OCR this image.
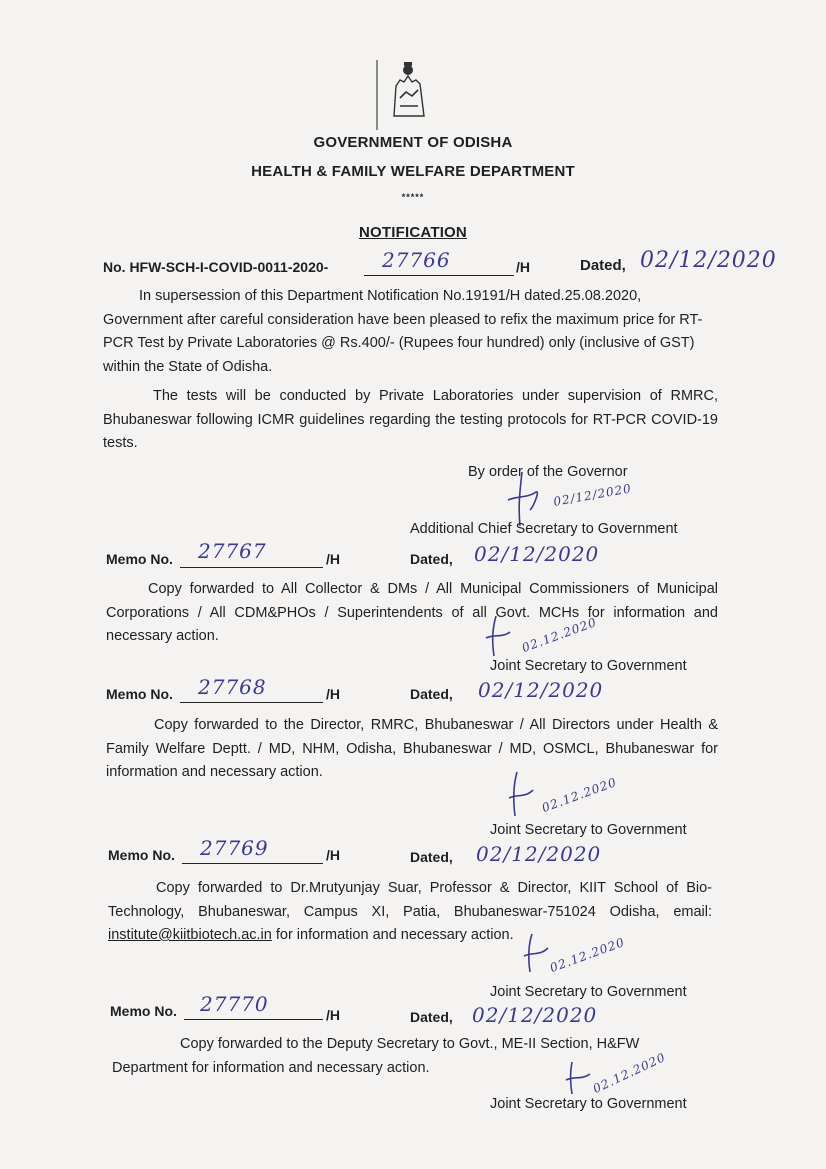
GOVERNMENT OF ODISHA
HEALTH & FAMILY WELFARE DEPARTMENT
*****
NOTIFICATION
No. HFW-SCH-I-COVID-0011-2020-	27766	/H	Dated, 02/12/2020
In supersession of this Department Notification No.19191/H dated.25.08.2020, Government after careful consideration have been pleased to refix the maximum price for RT-PCR Test by Private Laboratories @ Rs.400/- (Rupees four hundred) only (inclusive of GST) within the State of Odisha.
The tests will be conducted by Private Laboratories under supervision of RMRC, Bhubaneswar following ICMR guidelines regarding the testing protocols for RT-PCR COVID-19 tests.
By order of the Governor
02/12/2020
Additional Chief Secretary to Government
Memo No. 27767	/H	Dated, 02/12/2020
Copy forwarded to All Collector & DMs / All Municipal Commissioners of Municipal Corporations / All CDM&PHOs / Superintendents of all Govt. MCHs for information and necessary action.	02.12.2020
Joint Secretary to Government
Memo No. 27768	/H	Dated, 02/12/2020
Copy forwarded to the Director, RMRC, Bhubaneswar / All Directors under Health & Family Welfare Deptt. / MD, NHM, Odisha, Bhubaneswar / MD, OSMCL, Bhubaneswar for information and necessary action.
02.12.2020
Joint Secretary to Government
Memo No. 27769	/H	Dated, 02/12/2020
Copy forwarded to Dr.Mrutyunjay Suar, Professor & Director, KIIT School of Bio-Technology, Bhubaneswar, Campus XI, Patia, Bhubaneswar-751024 Odisha, email: institute@kiitbiotech.ac.in for information and necessary action.	02.12.2020
Joint Secretary to Government
Memo No. 27770	/H	Dated, 02/12/2020
Copy forwarded to the Deputy Secretary to Govt., ME-II Section, H&FW Department for information and necessary action.	02.12.2020
Joint Secretary to Government
